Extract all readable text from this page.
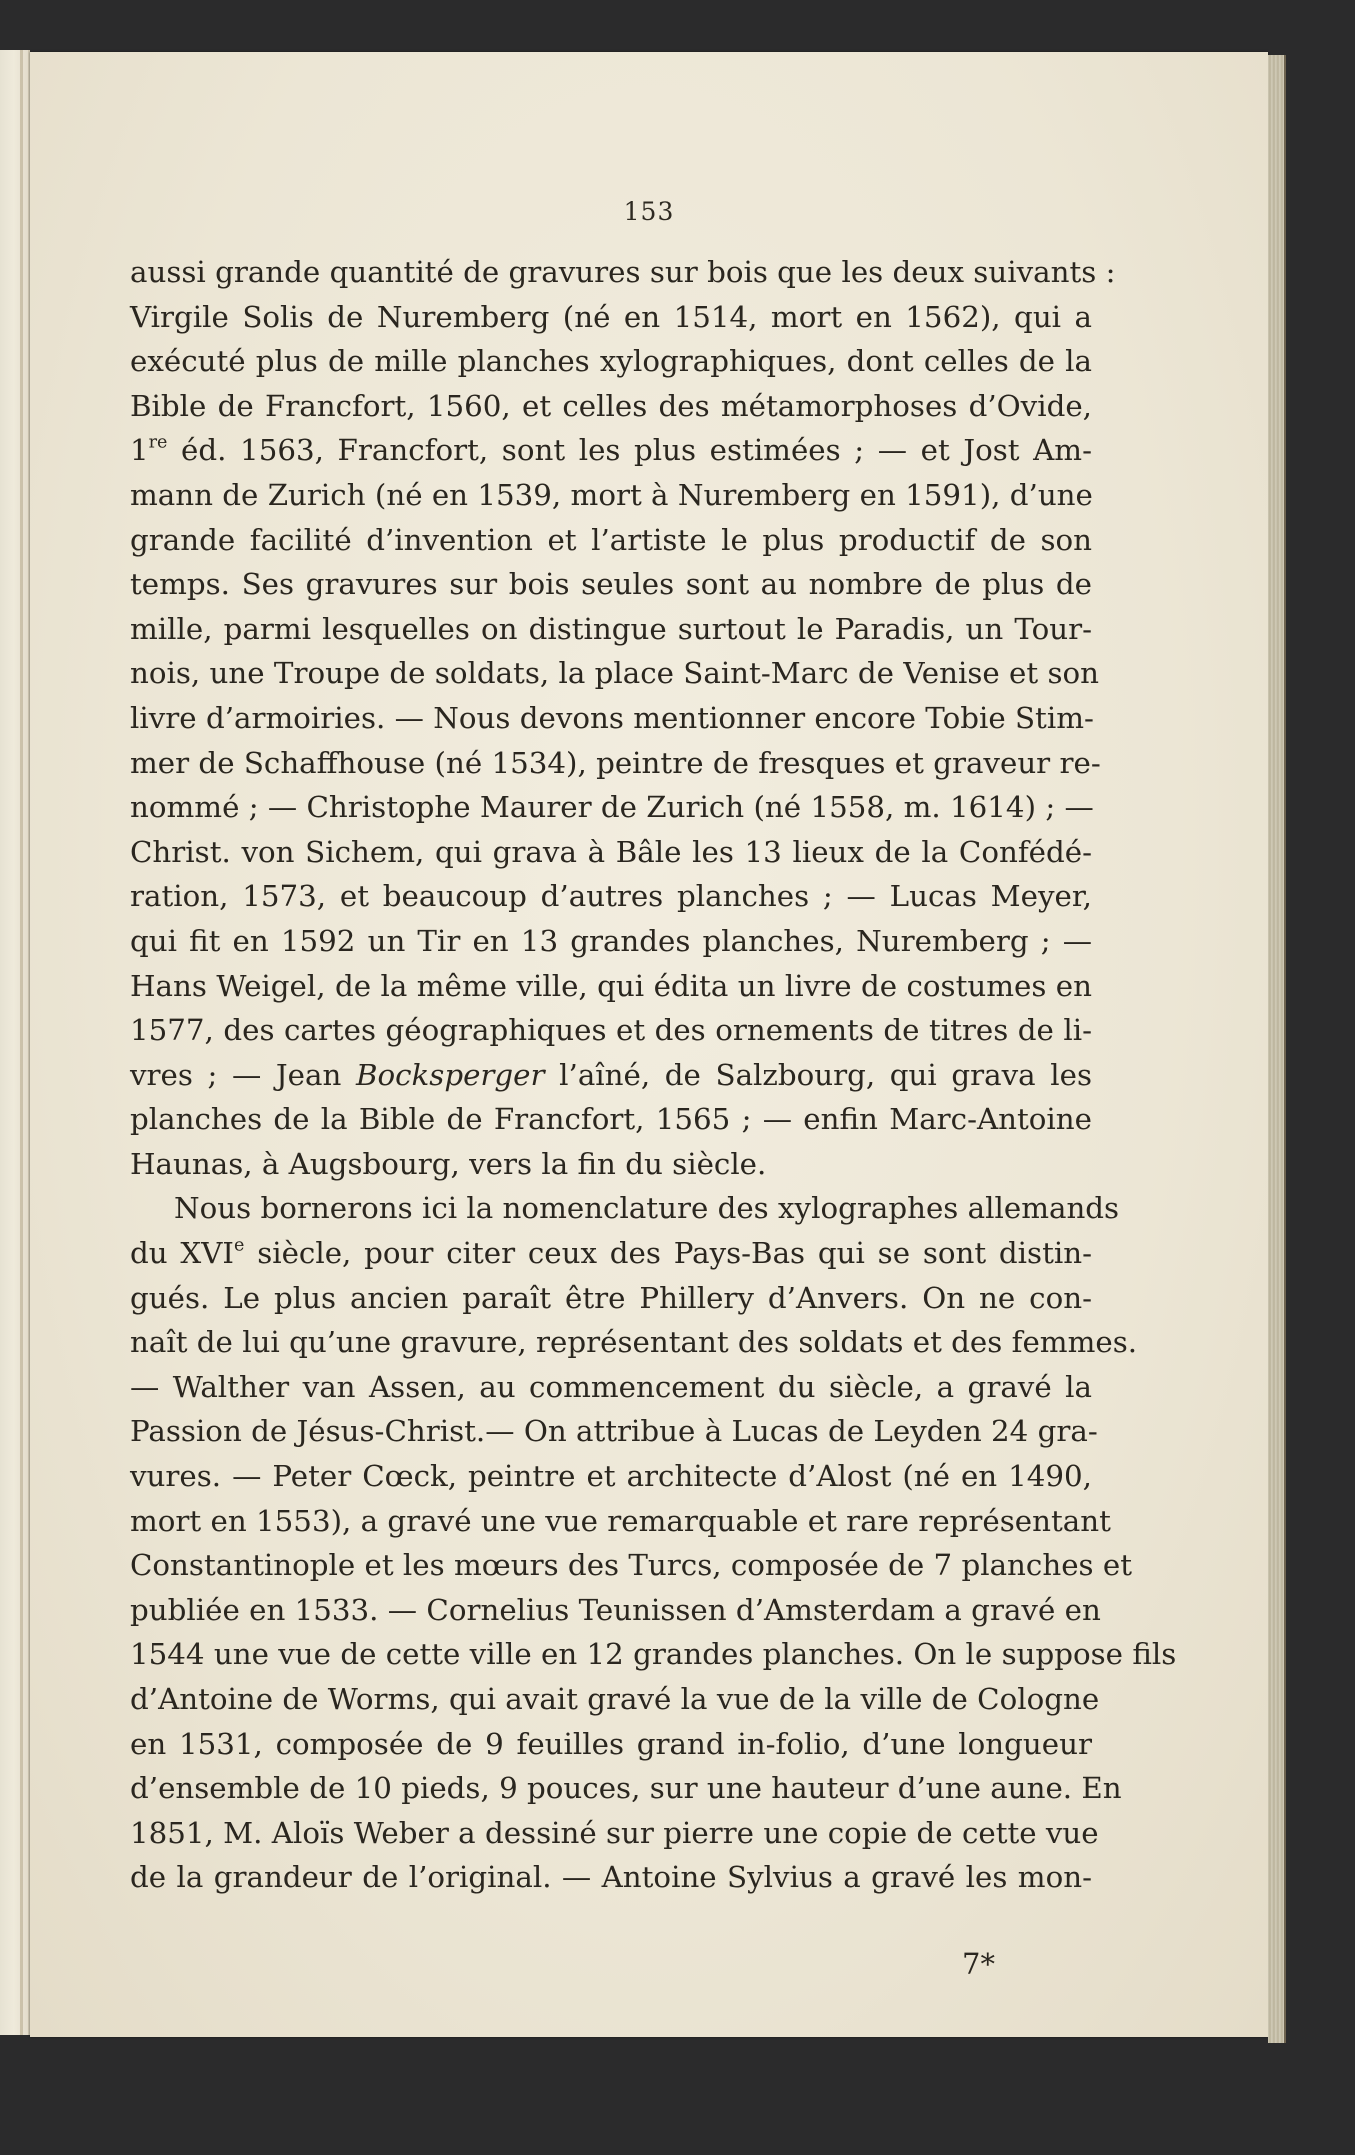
153
aussi grande quantité de gravures sur bois que les deux suivants :
Virgile Solis de Nuremberg (né en 1514, mort en 1562), qui a
exécuté plus de mille planches xylographiques, dont celles de la
Bible de Francfort, 1560, et celles des métamorphoses d’Ovide,
1re éd. 1563, Francfort, sont les plus estimées ; — et Jost Am-
mann de Zurich (né en 1539, mort à Nuremberg en 1591), d’une
grande facilité d’invention et l’artiste le plus productif de son
temps. Ses gravures sur bois seules sont au nombre de plus de
mille, parmi lesquelles on distingue surtout le Paradis, un Tour-
nois, une Troupe de soldats, la place Saint-Marc de Venise et son
livre d’armoiries. — Nous devons mentionner encore Tobie Stim-
mer de Schaffhouse (né 1534), peintre de fresques et graveur re-
nommé ; — Christophe Maurer de Zurich (né 1558, m. 1614) ; —
Christ. von Sichem, qui grava à Bâle les 13 lieux de la Confédé-
ration, 1573, et beaucoup d’autres planches ; — Lucas Meyer,
qui fit en 1592 un Tir en 13 grandes planches, Nuremberg ; —
Hans Weigel, de la même ville, qui édita un livre de costumes en
1577, des cartes géographiques et des ornements de titres de li-
vres ; — Jean Bocksperger l’aîné, de Salzbourg, qui grava les
planches de la Bible de Francfort, 1565 ; — enfin Marc-Antoine
Haunas, à Augsbourg, vers la fin du siècle.
Nous bornerons ici la nomenclature des xylographes allemands
du XVIe siècle, pour citer ceux des Pays-Bas qui se sont distin-
gués. Le plus ancien paraît être Phillery d’Anvers. On ne con-
naît de lui qu’une gravure, représentant des soldats et des femmes.
— Walther van Assen, au commencement du siècle, a gravé la
Passion de Jésus-Christ.— On attribue à Lucas de Leyden 24 gra-
vures. — Peter Cœck, peintre et architecte d’Alost (né en 1490,
mort en 1553), a gravé une vue remarquable et rare représentant
Constantinople et les mœurs des Turcs, composée de 7 planches et
publiée en 1533. — Cornelius Teunissen d’Amsterdam a gravé en
1544 une vue de cette ville en 12 grandes planches. On le suppose fils
d’Antoine de Worms, qui avait gravé la vue de la ville de Cologne
en 1531, composée de 9 feuilles grand in-folio, d’une longueur
d’ensemble de 10 pieds, 9 pouces, sur une hauteur d’une aune. En
1851, M. Aloïs Weber a dessiné sur pierre une copie de cette vue
de la grandeur de l’original. — Antoine Sylvius a gravé les mon-
7*
